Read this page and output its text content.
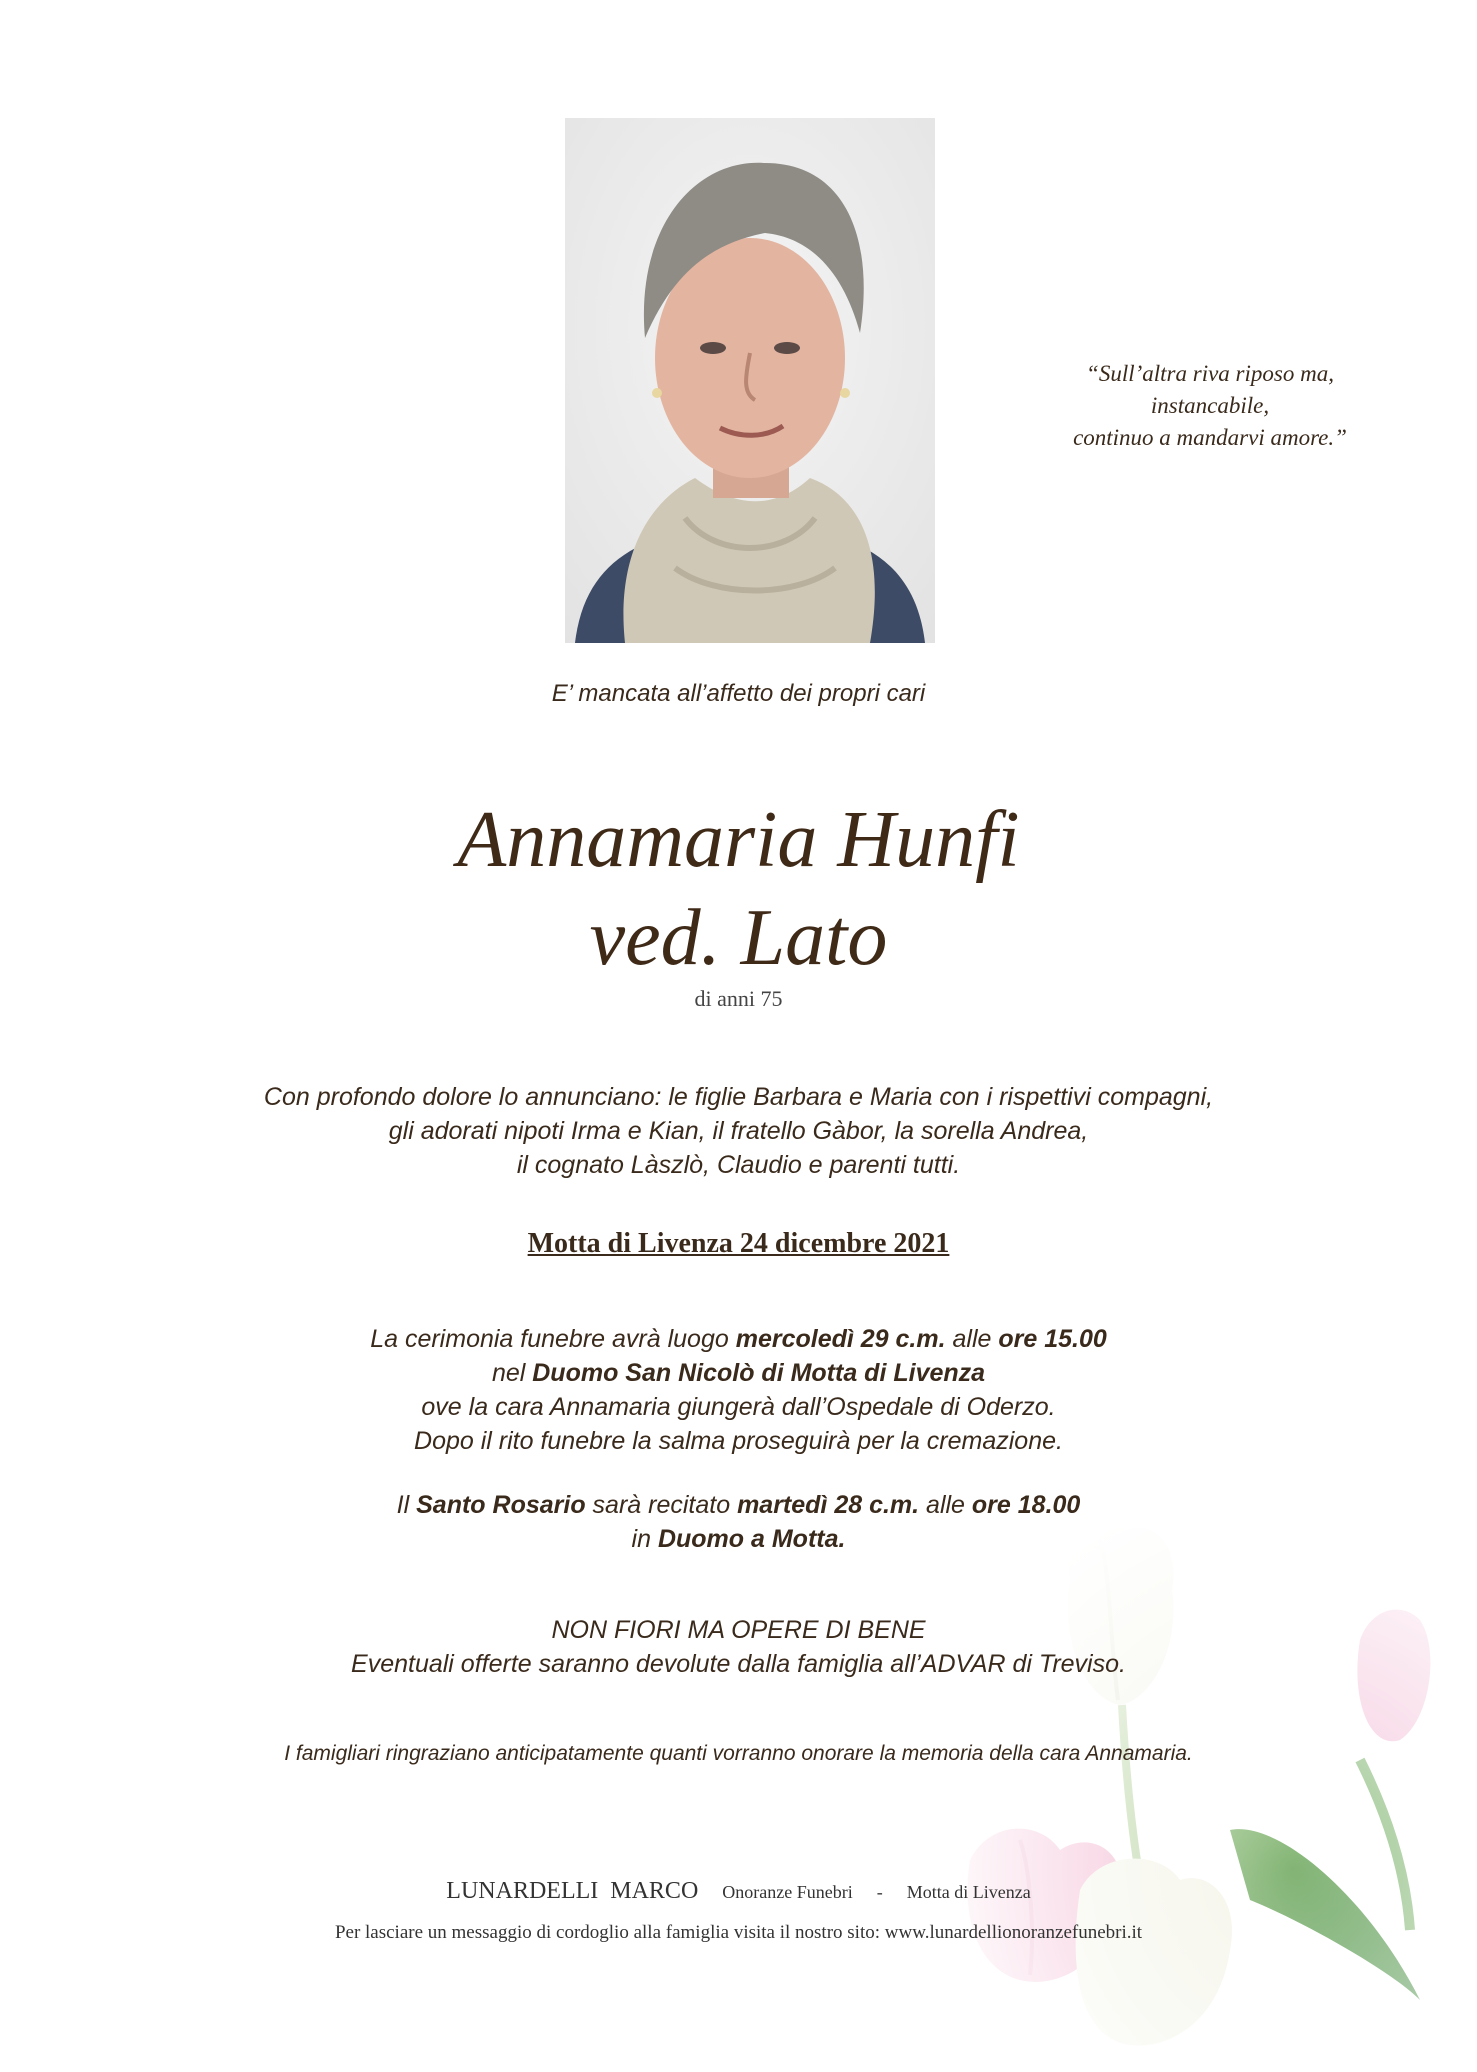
“Sull’altra riva riposo ma,
instancabile,
continuo a mandarvi amore.”
E’ mancata all’affetto dei propri cari
Annamaria Hunfi
ved. Lato
di anni 75
Con profondo dolore lo annunciano: le figlie Barbara e Maria con i rispettivi compagni,
gli adorati nipoti Irma e Kian, il fratello Gàbor, la sorella Andrea,
il cognato Làszlò, Claudio e parenti tutti.
Motta di Livenza 24 dicembre 2021
La cerimonia funebre avrà luogo mercoledì 29 c.m. alle ore 15.00
nel Duomo San Nicolò di Motta di Livenza
ove la cara Annamaria giungerà dall’Ospedale di Oderzo.
Dopo il rito funebre la salma proseguirà per la cremazione.
Il Santo Rosario sarà recitato martedì 28 c.m. alle ore 18.00
in Duomo a Motta.
NON FIORI MA OPERE DI BENE
Eventuali offerte saranno devolute dalla famiglia all’ADVAR di Treviso.
I famigliari ringraziano anticipatamente quanti vorranno onorare la memoria della cara Annamaria.
LUNARDELLI  MARCO Onoranze Funebri - Motta di Livenza
Per lasciare un messaggio di cordoglio alla famiglia visita il nostro sito: www.lunardellionoranzefunebri.it
